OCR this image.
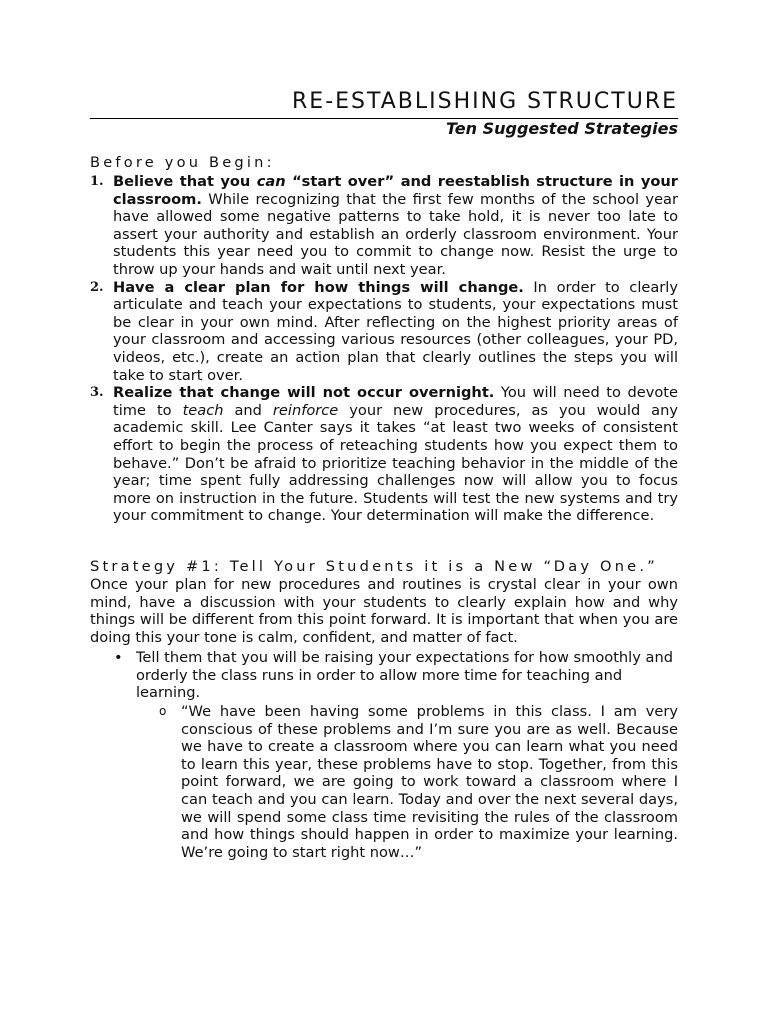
RE-ESTABLISHING STRUCTURE
Ten Suggested Strategies
Before you Begin:
1. Believe that you can “start over” and reestablish structure in your classroom. While recognizing that the first few months of the school year have allowed some negative patterns to take hold, it is never too late to assert your authority and establish an orderly classroom environment. Your students this year need you to commit to change now. Resist the urge to throw up your hands and wait until next year.
2. Have a clear plan for how things will change. In order to clearly articulate and teach your expectations to students, your expectations must be clear in your own mind. After reflecting on the highest priority areas of your classroom and accessing various resources (other colleagues, your PD, videos, etc.), create an action plan that clearly outlines the steps you will take to start over.
3. Realize that change will not occur overnight. You will need to devote time to teach and reinforce your new procedures, as you would any academic skill. Lee Canter says it takes “at least two weeks of consistent effort to begin the process of reteaching students how you expect them to behave.” Don’t be afraid to prioritize teaching behavior in the middle of the year; time spent fully addressing challenges now will allow you to focus more on instruction in the future. Students will test the new systems and try your commitment to change. Your determination will make the difference.
Strategy #1: Tell Your Students it is a New “Day One.”

Once your plan for new procedures and routines is crystal clear in your own mind, have a discussion with your students to clearly explain how and why things will be different from this point forward. It is important that when you are doing this your tone is calm, confident, and matter of fact.

• Tell them that you will be raising your expectations for how smoothly and orderly the class runs in order to allow more time for teaching and learning.
o “We have been having some problems in this class. I am very conscious of these problems and I’m sure you are as well. Because we have to create a classroom where you can learn what you need to learn this year, these problems have to stop. Together, from this point forward, we are going to work toward a classroom where I can teach and you can learn. Today and over the next several days, we will spend some class time revisiting the rules of the classroom and how things should happen in order to maximize your learning. We’re going to start right now…”
